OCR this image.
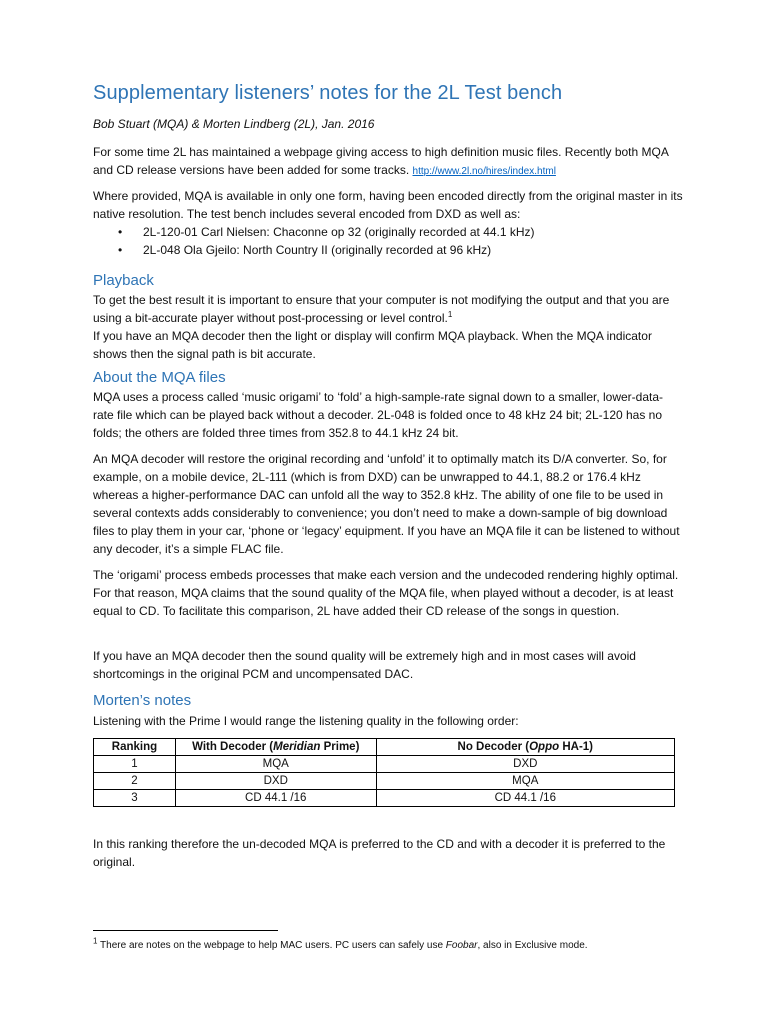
Supplementary listeners’ notes for the 2L Test bench
Bob Stuart (MQA) & Morten Lindberg (2L), Jan. 2016

For some time 2L has maintained a webpage giving access to high definition music files. Recently both MQA and CD release versions have been added for some tracks. http://www.2l.no/hires/index.html

Where provided, MQA is available in only one form, having been encoded directly from the original master in its native resolution. The test bench includes several encoded from DXD as well as:

• 2L-120-01 Carl Nielsen: Chaconne op 32 (originally recorded at 44.1 kHz)
• 2L-048 Ola Gjeilo: North Country II (originally recorded at 96 kHz)
Playback

To get the best result it is important to ensure that your computer is not modifying the output and that you are using a bit-accurate player without post-processing or level control.$^1$

If you have an MQA decoder then the light or display will confirm MQA playback. When the MQA indicator shows then the signal path is bit accurate.

About the MQA files
MQA uses a process called ‘music origami’ to ‘fold’ a high-sample-rate signal down to a smaller, lower-data-rate file which can be played back without a decoder. 2L-048 is folded once to 48 kHz 24 bit; 2L-120 has no folds; the others are folded three times from 352.8 to 44.1 kHz 24 bit.
An MQA decoder will restore the original recording and ‘unfold’ it to optimally match its D/A converter. So, for example, on a mobile device, 2L-111 (which is from DXD) can be unwrapped to 44.1, 88.2 or 176.4 kHz whereas a higher-performance DAC can unfold all the way to 352.8 kHz. The ability of one file to be used in several contexts adds considerably to convenience; you don’t need to make a down-sample of big download files to play them in your car, ‘phone or ‘legacy’ equipment. If you have an MQA file it can be listened to without any decoder, it’s a simple FLAC file.
The ‘origami’ process embeds processes that make each version and the undecoded rendering highly optimal. For that reason, MQA claims that the sound quality of the MQA file, when played without a decoder, is at least equal to CD. To facilitate this comparison, 2L have added their CD release of the songs in question.
If you have an MQA decoder then the sound quality will be extremely high and in most cases will avoid shortcomings in the original PCM and uncompensated DAC.
Morten’s notes
Listening with the Prime I would range the listening quality in the following order:
Ranking	With Decoder (Meridian Prime)	No Decoder (Oppo HA-1)
1	MQA	DXD
2	DXD	MQA
3	CD 44.1 /16	CD 44.1 /16
In this ranking therefore the un-decoded MQA is preferred to the CD and with a decoder it is preferred to the original.
$^1$ There are notes on the webpage to help MAC users. PC users can safely use Foobar, also in Exclusive mode.
